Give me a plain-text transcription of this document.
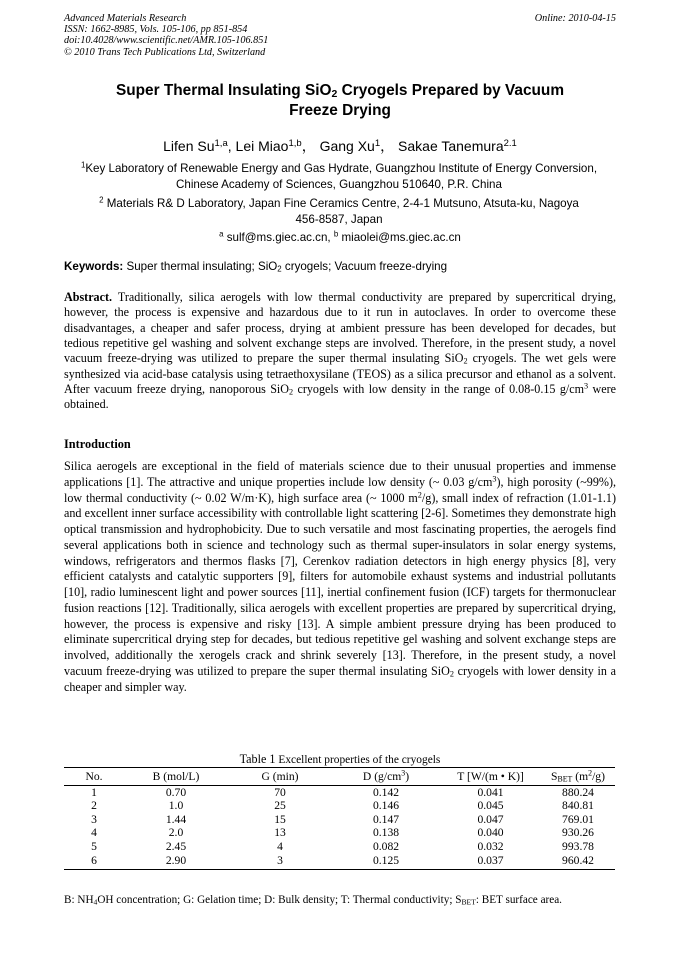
Advanced Materials Research
ISSN: 1662-8985, Vols. 105-106, pp 851-854
doi:10.4028/www.scientific.net/AMR.105-106.851
© 2010 Trans Tech Publications Ltd, Switzerland
Online: 2010-04-15
Super Thermal Insulating SiO$_2$ Cryogels Prepared by Vacuum
Freeze Drying
Lifen Su$^{1,a}$, Lei Miao$^{1,b}$， Gang Xu$^1$， Sakae Tanemura$^{2.1}$
$^1$Key Laboratory of Renewable Energy and Gas Hydrate, Guangzhou Institute of Energy Conversion,
Chinese Academy of Sciences, Guangzhou 510640, P.R. China
$^2$ Materials R& D Laboratory, Japan Fine Ceramics Centre, 2-4-1 Mutsuno, Atsuta-ku, Nagoya
456-8587, Japan
$^a$ sulf@ms.giec.ac.cn, $^b$ miaolei@ms.giec.ac.cn
Keywords: Super thermal insulating; SiO$_2$ cryogels; Vacuum freeze-drying

Abstract. Traditionally, silica aerogels with low thermal conductivity are prepared by supercritical drying, however, the process is expensive and hazardous due to it run in autoclaves. In order to overcome these disadvantages, a cheaper and safer process, drying at ambient pressure has been developed for decades, but tedious repetitive gel washing and solvent exchange steps are involved. Therefore, in the present study, a novel vacuum freeze-drying was utilized to prepare the super thermal insulating SiO$_2$ cryogels. The wet gels were synthesized via acid-base catalysis using tetraethoxysilane (TEOS) as a silica precursor and ethanol as a solvent. After vacuum freeze drying, nanoporous SiO$_2$ cryogels with low density in the range of 0.08-0.15 $g/cm^3$ were obtained.

Introduction

Silica aerogels are exceptional in the field of materials science due to their unusual properties and immense applications [1]. The attractive and unique properties include low density (~ 0.03 $g/cm^3$), high porosity (~99%), low thermal conductivity (~ 0.02 W/m·K), high surface area (~ 1000 $m^2/g$), small index of refraction (1.01-1.1) and excellent inner surface accessibility with controllable light scattering [2-6]. Sometimes they demonstrate high optical transmission and hydrophobicity. Due to such versatile and most fascinating properties, the aerogels find several applications both in science and technology such as thermal super-insulators in solar energy systems, windows, refrigerators and thermos flasks [7], Cerenkov radiation detectors in high energy physics [8], very efficient catalysts and catalytic supporters [9], filters for automobile exhaust systems and industrial pollutants [10], radio luminescent light and power sources [11], inertial confinement fusion (ICF) targets for thermonuclear fusion reactions [12]. Traditionally, silica aerogels with excellent properties are prepared by supercritical drying, however, the process is expensive and risky [13]. A simple ambient pressure drying has been produced to eliminate supercritical drying step for decades, but tedious repetitive gel washing and solvent exchange steps are involved, additionally the xerogels crack and shrink severely [13]. Therefore, in the present study, a novel vacuum freeze-drying was utilized to prepare the super thermal insulating SiO$_2$ cryogels with lower density in a cheaper and simpler way.

Table 1 Excellent properties of the cryogels
No.	B (mol/L)	G (min)	D $(g/cm^3)$	T [W/(m • K)]	$S_{BET}$ $(m^2/g)$
1	0.70	70	0.142	0.041	880.24
2	1.0	25	0.146	0.045	840.81
3	1.44	15	0.147	0.047	769.01
4	2.0	13	0.138	0.040	930.26
5	2.45	4	0.082	0.032	993.78
6	2.90	3	0.125	0.037	960.42
B: $NH_4OH$ concentration; G: Gelation time; D: Bulk density; T: Thermal conductivity; $S_{BET}$: BET surface area.
